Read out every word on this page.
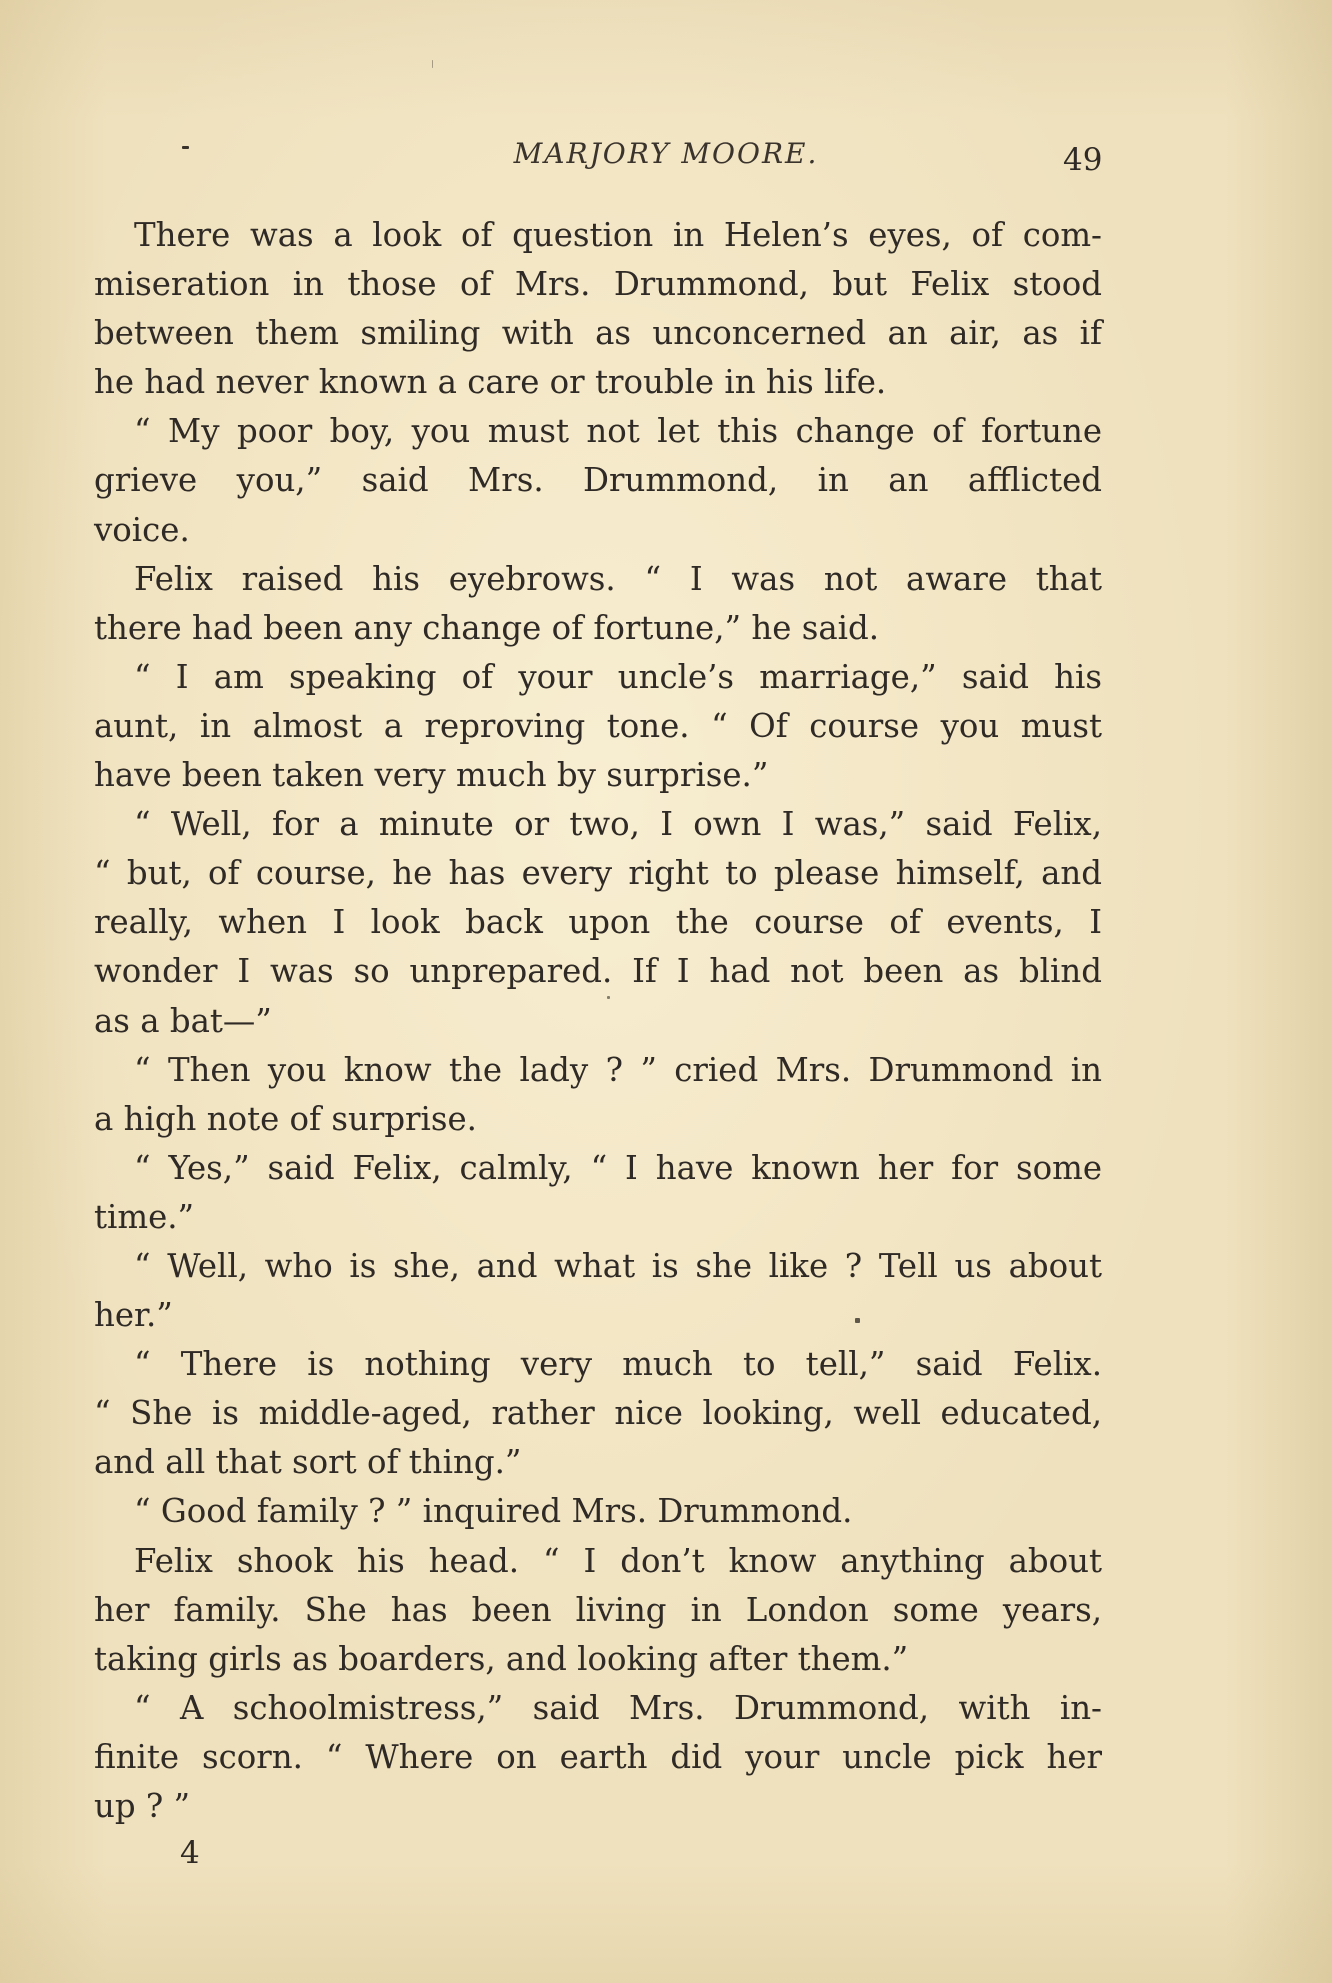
MARJORY MOORE.	49
There was a look of question in Helen’s eyes, of com-
miseration in those of Mrs. Drummond, but Felix stood
between them smiling with as unconcerned an air, as if
he had never known a care or trouble in his life.
“ My poor boy, you must not let this change of fortune
grieve you,” said Mrs. Drummond, in an afflicted
voice.
Felix raised his eyebrows. “ I was not aware that
there had been any change of fortune,” he said.
“ I am speaking of your uncle’s marriage,” said his
aunt, in almost a reproving tone. “ Of course you must
have been taken very much by surprise.”
“ Well, for a minute or two, I own I was,” said Felix,
“ but, of course, he has every right to please himself, and
really, when I look back upon the course of events, I
wonder I was so unprepared. If I had not been as blind
as a bat—”
“ Then you know the lady ? ” cried Mrs. Drummond in
a high note of surprise.
“ Yes,” said Felix, calmly, “ I have known her for some
time.”
“ Well, who is she, and what is she like ? Tell us about
her.”
“ There is nothing very much to tell,” said Felix.
“ She is middle-aged, rather nice looking, well educated,
and all that sort of thing.”
“ Good family ? ” inquired Mrs. Drummond.
Felix shook his head. “ I don’t know anything about
her family. She has been living in London some years,
taking girls as boarders, and looking after them.”
“ A schoolmistress,” said Mrs. Drummond, with in-
finite scorn. “ Where on earth did your uncle pick her
up ? ”
4
